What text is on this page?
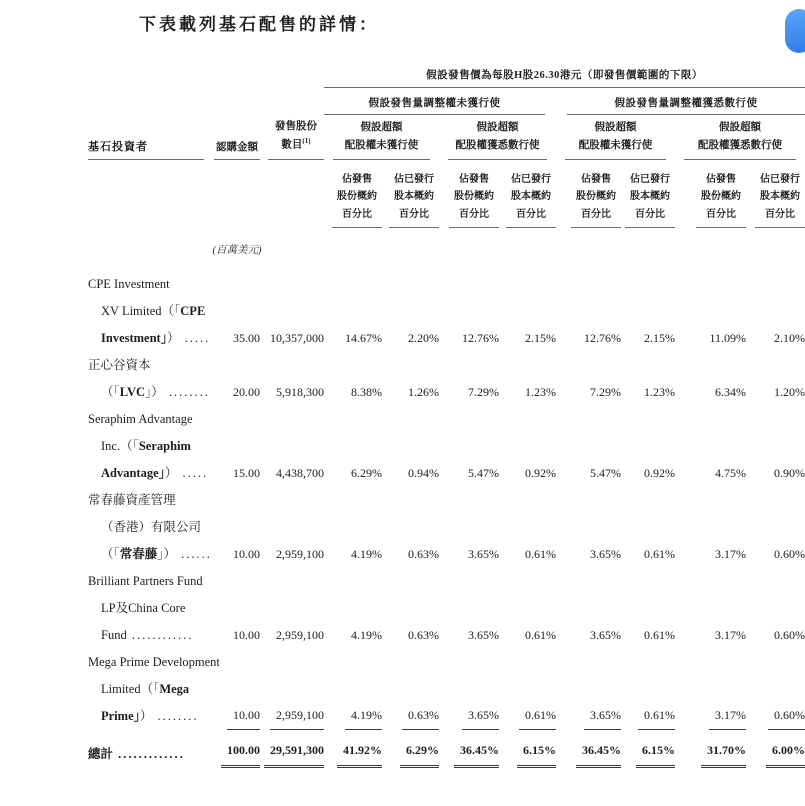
下表載列基石配售的詳情：

			假設發售價為每股H股26.30港元（即發售價範圍的下限）							

			假設發售量調整權未獲行使				假設發售量調整權獲悉數行使			

基石投資者	認購金額	發售股份
數目$^{(1)}$	假設超額
配股權未獲行使		假設超額
配股權獲悉數行使		假設超額
配股權未獲行使		假設超額
配股權獲悉數行使	

			佔發售
股份概約
百分比	佔已發行
股本概約
百分比	佔發售
股份概約
百分比	佔已發行
股本概約
百分比	佔發售
股份概約
百分比	佔已發行
股本概約
百分比	佔發售
股份概約
百分比	佔已發行
股本概約
百分比

	(百萬美元)									

CPE Investment
XV Limited（「CPE
Investment」） .....	35.00	10,357,000	14.67%	2.20%	12.76%	2.15%	12.76%	2.15%	11.09%	2.10%

正心谷資本
（「LVC」） ........	20.00	5,918,300	8.38%	1.26%	7.29%	1.23%	7.29%	1.23%	6.34%	1.20%

Seraphim Advantage
Inc.（「Seraphim
Advantage」） .....	15.00	4,438,700	6.29%	0.94%	5.47%	0.92%	5.47%	0.92%	4.75%	0.90%

常春藤資產管理
（香港）有限公司
（「常春藤」） ......	10.00	2,959,100	4.19%	0.63%	3.65%	0.61%	3.65%	0.61%	3.17%	0.60%

Brilliant Partners Fund
LP及China Core
Fund ............	10.00	2,959,100	4.19%	0.63%	3.65%	0.61%	3.65%	0.61%	3.17%	0.60%

Mega Prime Development
Limited（「Mega
Prime」） ........	10.00	2,959,100	4.19%	0.63%	3.65%	0.61%	3.65%	0.61%	3.17%	0.60%

總計 .............	100.00	29,591,300	41.92%	6.29%	36.45%	6.15%	36.45%	6.15%	31.70%	6.00%
